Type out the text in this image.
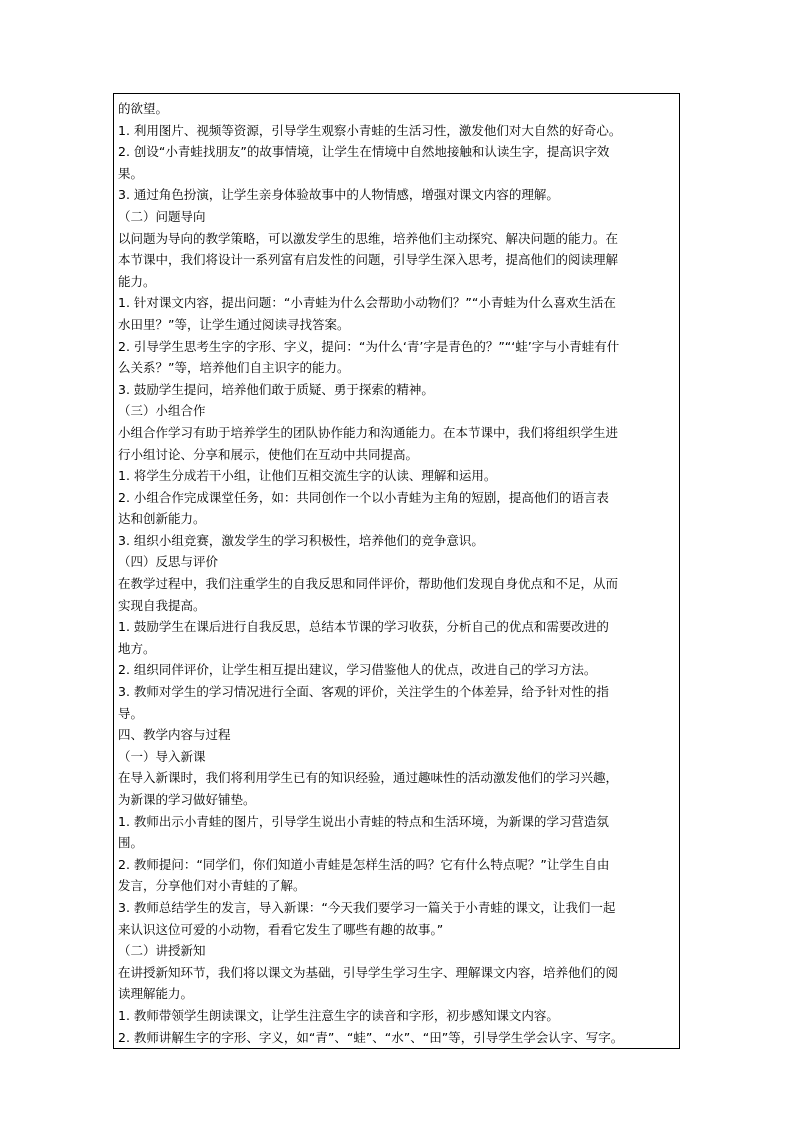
的欲望。

1. 利用图片、视频等资源，引导学生观察小青蛙的生活习性，激发他们对大自然的好奇心。

2. 创设“小青蛙找朋友”的故事情境，让学生在情境中自然地接触和认读生字，提高识字效

果。

3. 通过角色扮演，让学生亲身体验故事中的人物情感，增强对课文内容的理解。

（二）问题导向

以问题为导向的教学策略，可以激发学生的思维，培养他们主动探究、解决问题的能力。在

本节课中，我们将设计一系列富有启发性的问题，引导学生深入思考，提高他们的阅读理解

能力。

1. 针对课文内容，提出问题：“小青蛙为什么会帮助小动物们？”“小青蛙为什么喜欢生活在

水田里？”等，让学生通过阅读寻找答案。

2. 引导学生思考生字的字形、字义，提问：“为什么‘青’字是青色的？”“‘蛙’字与小青蛙有什

么关系？”等，培养他们自主识字的能力。

3. 鼓励学生提问，培养他们敢于质疑、勇于探索的精神。

（三）小组合作

小组合作学习有助于培养学生的团队协作能力和沟通能力。在本节课中，我们将组织学生进

行小组讨论、分享和展示，使他们在互动中共同提高。

1. 将学生分成若干小组，让他们互相交流生字的认读、理解和运用。

2. 小组合作完成课堂任务，如：共同创作一个以小青蛙为主角的短剧，提高他们的语言表

达和创新能力。

3. 组织小组竞赛，激发学生的学习积极性，培养他们的竞争意识。

（四）反思与评价

在教学过程中，我们注重学生的自我反思和同伴评价，帮助他们发现自身优点和不足，从而

实现自我提高。

1. 鼓励学生在课后进行自我反思，总结本节课的学习收获，分析自己的优点和需要改进的

地方。

2. 组织同伴评价，让学生相互提出建议，学习借鉴他人的优点，改进自己的学习方法。

3. 教师对学生的学习情况进行全面、客观的评价，关注学生的个体差异，给予针对性的指

导。

四、教学内容与过程

（一）导入新课

在导入新课时，我们将利用学生已有的知识经验，通过趣味性的活动激发他们的学习兴趣，

为新课的学习做好铺垫。

1. 教师出示小青蛙的图片，引导学生说出小青蛙的特点和生活环境，为新课的学习营造氛

围。

2. 教师提问：“同学们，你们知道小青蛙是怎样生活的吗？它有什么特点呢？”让学生自由

发言，分享他们对小青蛙的了解。

3. 教师总结学生的发言，导入新课：“今天我们要学习一篇关于小青蛙的课文，让我们一起

来认识这位可爱的小动物，看看它发生了哪些有趣的故事。”

（二）讲授新知

在讲授新知环节，我们将以课文为基础，引导学生学习生字、理解课文内容，培养他们的阅

读理解能力。

1. 教师带领学生朗读课文，让学生注意生字的读音和字形，初步感知课文内容。

2. 教师讲解生字的字形、字义，如“青”、“蛙”、“水”、“田”等，引导学生学会认字、写字。
